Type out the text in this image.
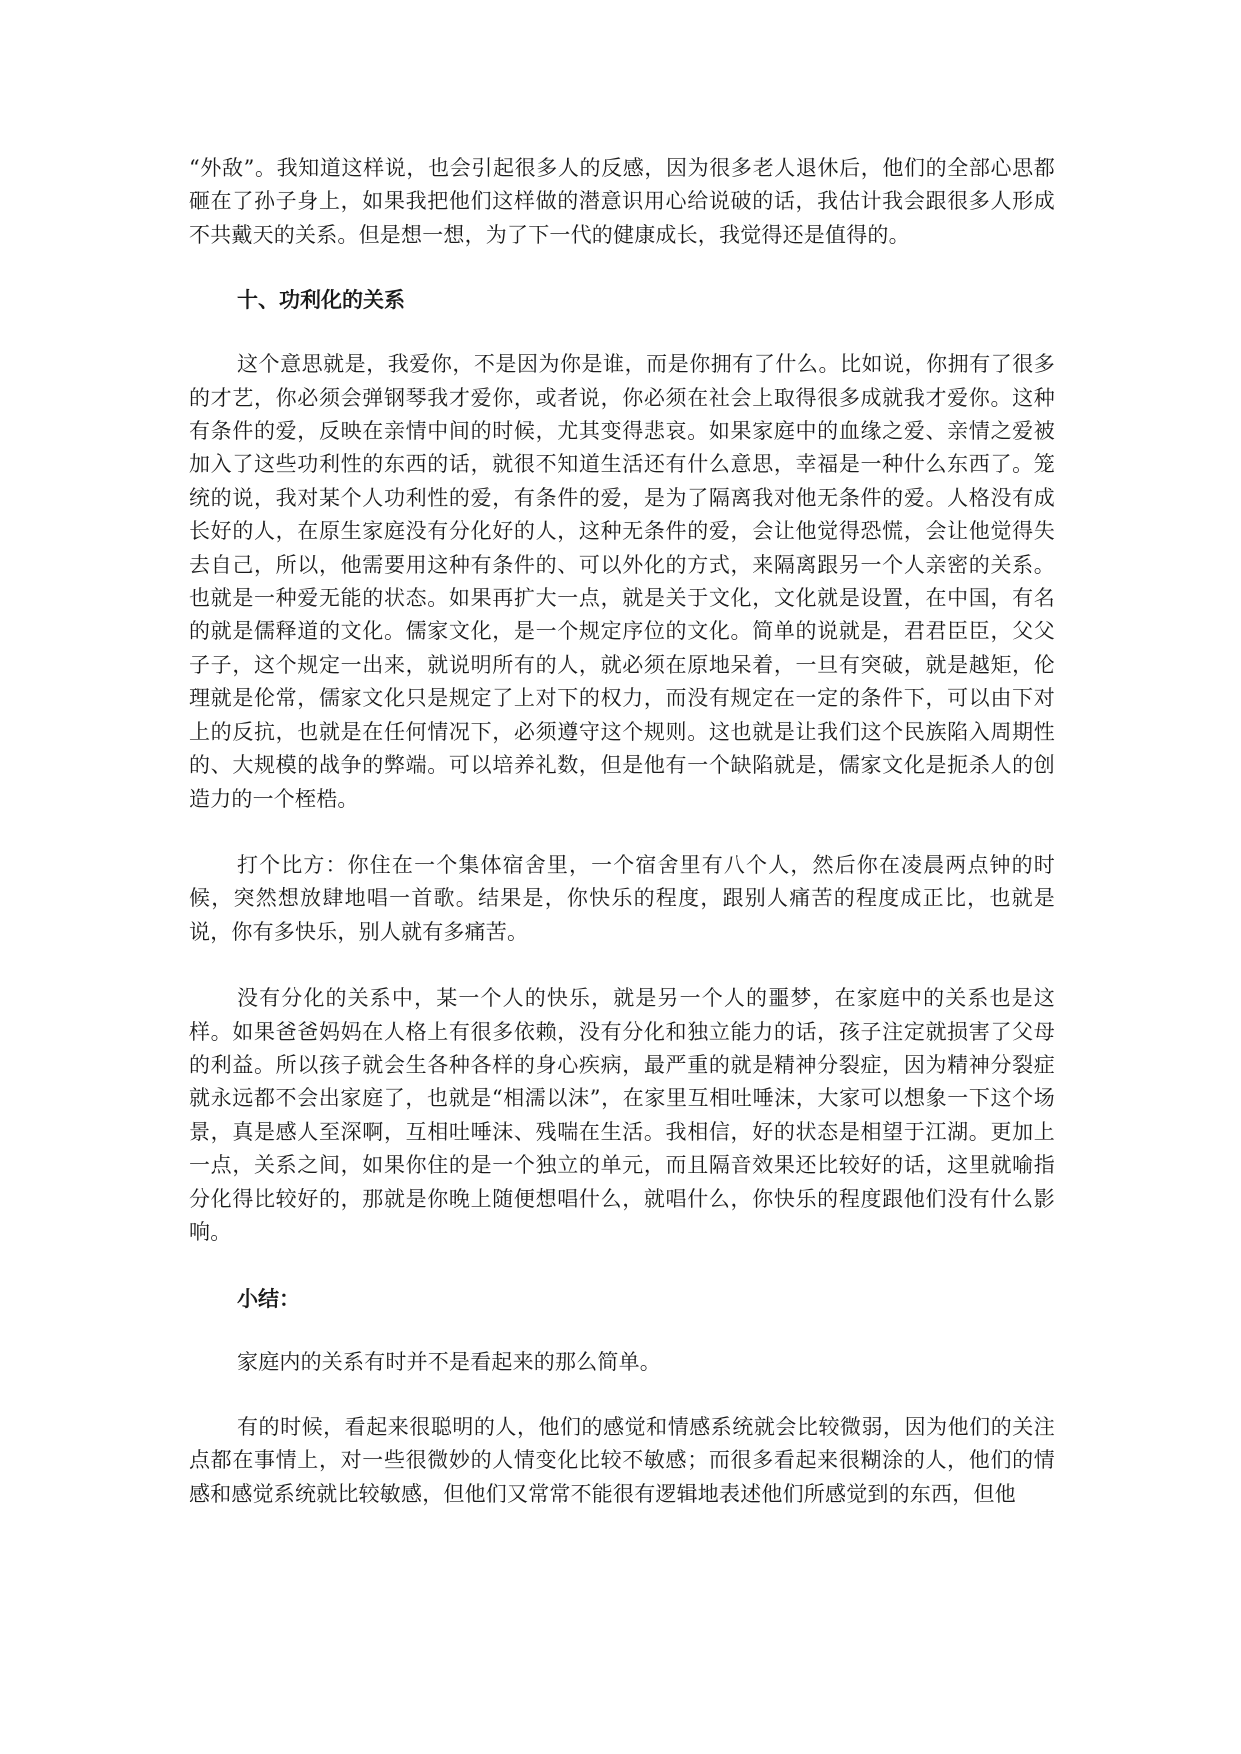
“外敌”。我知道这样说，也会引起很多人的反感，因为很多老人退休后，他们的全部心思都砸在了孙子身上，如果我把他们这样做的潜意识用心给说破的话，我估计我会跟很多人形成不共戴天的关系。但是想一想，为了下一代的健康成长，我觉得还是值得的。

十、功利化的关系

这个意思就是，我爱你，不是因为你是谁，而是你拥有了什么。比如说，你拥有了很多的才艺，你必须会弹钢琴我才爱你，或者说，你必须在社会上取得很多成就我才爱你。这种有条件的爱，反映在亲情中间的时候，尤其变得悲哀。如果家庭中的血缘之爱、亲情之爱被加入了这些功利性的东西的话，就很不知道生活还有什么意思，幸福是一种什么东西了。笼统的说，我对某个人功利性的爱，有条件的爱，是为了隔离我对他无条件的爱。人格没有成长好的人，在原生家庭没有分化好的人，这种无条件的爱，会让他觉得恐慌，会让他觉得失去自己，所以，他需要用这种有条件的、可以外化的方式，来隔离跟另一个人亲密的关系。也就是一种爱无能的状态。如果再扩大一点，就是关于文化，文化就是设置，在中国，有名的就是儒释道的文化。儒家文化，是一个规定序位的文化。简单的说就是，君君臣臣，父父子子，这个规定一出来，就说明所有的人，就必须在原地呆着，一旦有突破，就是越矩，伦理就是伦常，儒家文化只是规定了上对下的权力，而没有规定在一定的条件下，可以由下对上的反抗，也就是在任何情况下，必须遵守这个规则。这也就是让我们这个民族陷入周期性的、大规模的战争的弊端。可以培养礼数，但是他有一个缺陷就是，儒家文化是扼杀人的创造力的一个桎梏。

打个比方：你住在一个集体宿舍里，一个宿舍里有八个人，然后你在凌晨两点钟的时候，突然想放肆地唱一首歌。结果是，你快乐的程度，跟别人痛苦的程度成正比，也就是说，你有多快乐，别人就有多痛苦。

没有分化的关系中，某一个人的快乐，就是另一个人的噩梦，在家庭中的关系也是这样。如果爸爸妈妈在人格上有很多依赖，没有分化和独立能力的话，孩子注定就损害了父母的利益。所以孩子就会生各种各样的身心疾病，最严重的就是精神分裂症，因为精神分裂症就永远都不会出家庭了，也就是“相濡以沫”，在家里互相吐唾沫，大家可以想象一下这个场景，真是感人至深啊，互相吐唾沫、残喘在生活。我相信，好的状态是相望于江湖。更加上一点，关系之间，如果你住的是一个独立的单元，而且隔音效果还比较好的话，这里就喻指分化得比较好的，那就是你晚上随便想唱什么，就唱什么，你快乐的程度跟他们没有什么影响。

小结：

家庭内的关系有时并不是看起来的那么简单。

有的时候，看起来很聪明的人，他们的感觉和情感系统就会比较微弱，因为他们的关注点都在事情上，对一些很微妙的人情变化比较不敏感；而很多看起来很糊涂的人，他们的情感和感觉系统就比较敏感，但他们又常常不能很有逻辑地表述他们所感觉到的东西，但他
